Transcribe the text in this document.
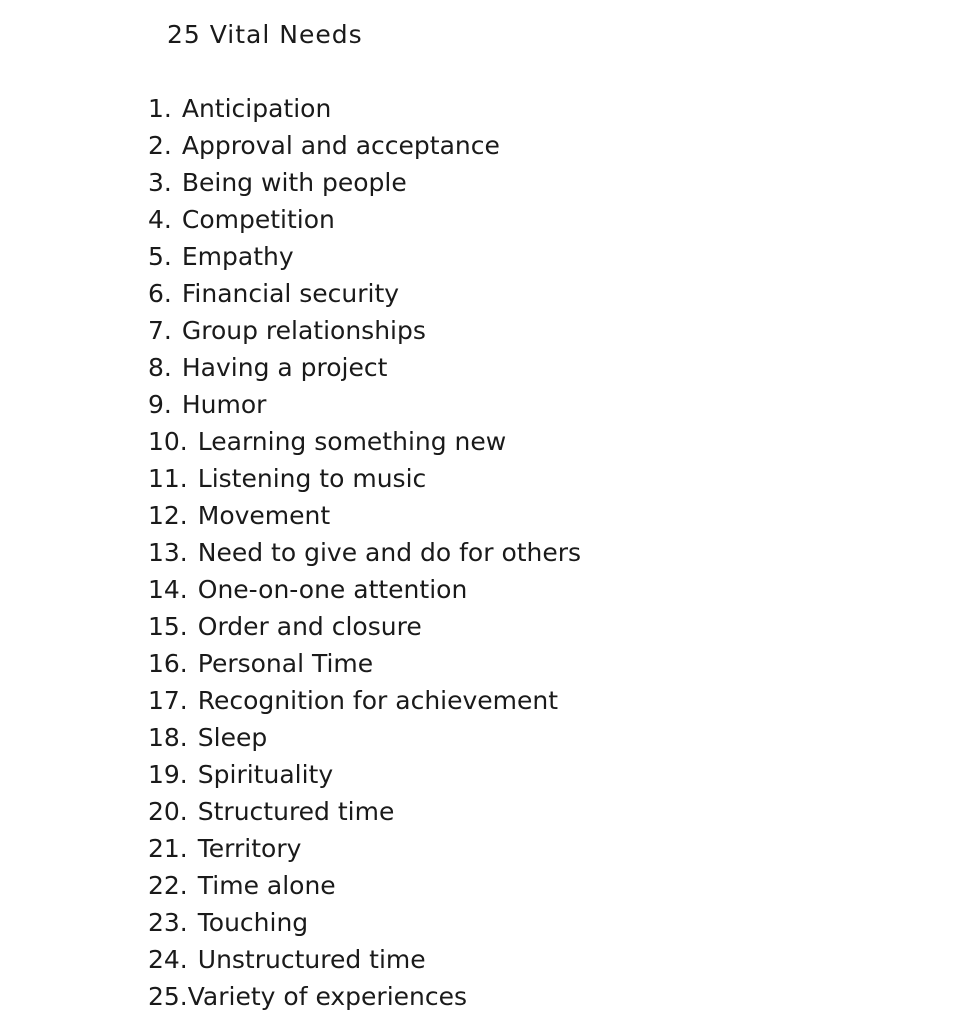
25 Vital Needs
1. Anticipation
2. Approval and acceptance
3. Being with people
4. Competition
5. Empathy
6. Financial security
7. Group relationships
8. Having a project
9. Humor
10. Learning something new
11. Listening to music
12. Movement
13. Need to give and do for others
14. One-on-one attention
15. Order and closure
16. Personal Time
17. Recognition for achievement
18. Sleep
19. Spirituality
20. Structured time
21. Territory
22. Time alone
23. Touching
24. Unstructured time
25.Variety of experiences
